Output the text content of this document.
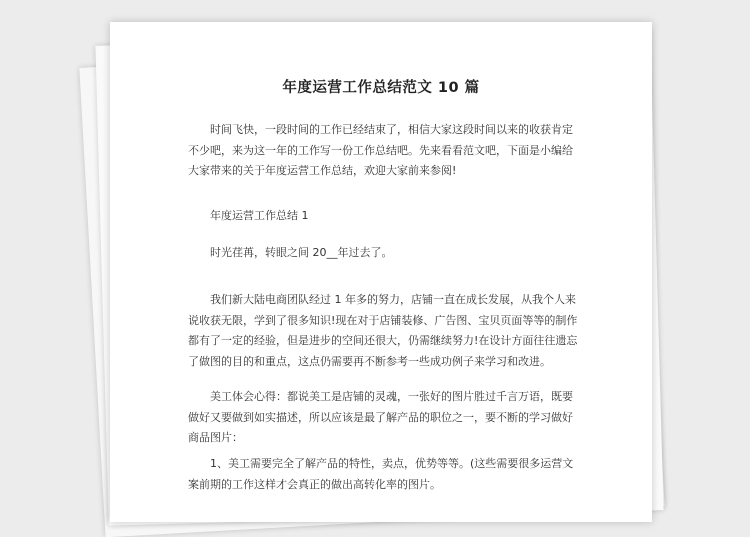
年度运营工作总结范文 10 篇
时间飞快，一段时间的工作已经结束了，相信大家这段时间以来的收获肯定不少吧，来为这一年的工作写一份工作总结吧。先来看看范文吧，下面是小编给大家带来的关于年度运营工作总结，欢迎大家前来参阅!
年度运营工作总结 1
时光荏苒，转眼之间 20__年过去了。
我们新大陆电商团队经过 1 年多的努力，店铺一直在成长发展，从我个人来说收获无限，学到了很多知识!现在对于店铺装修、广告图、宝贝页面等等的制作都有了一定的经验，但是进步的空间还很大，仍需继续努力!在设计方面往往遗忘了做图的目的和重点，这点仍需要再不断参考一些成功例子来学习和改进。
美工体会心得：都说美工是店铺的灵魂，一张好的图片胜过千言万语，既要做好又要做到如实描述，所以应该是最了解产品的职位之一，要不断的学习做好商品图片：
1、美工需要完全了解产品的特性，卖点，优势等等。(这些需要很多运营文案前期的工作这样才会真正的做出高转化率的图片。
